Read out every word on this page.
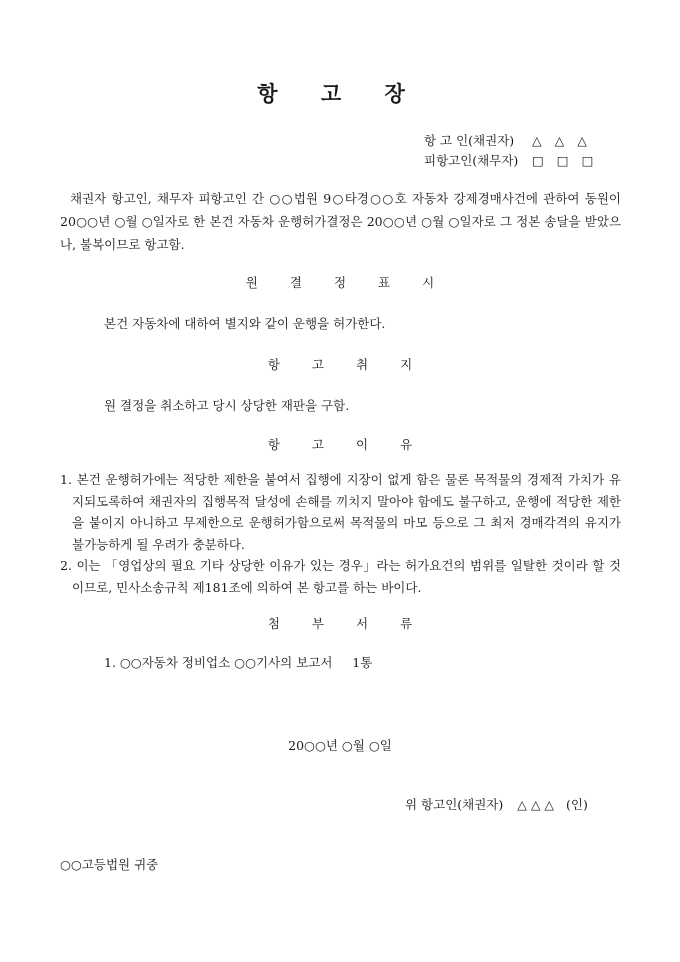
항 고 장
항 고 인(채권자)	△△△
피항고인(채무자)	□□□
채권자 항고인, 채무자 피항고인 간 ○○법원 9○타경○○호 자동차 강제경매사건에 관하여 동원이 20○○년 ○월 ○일자로 한 본건 자동차 운행허가결정은 20○○년 ○월 ○일자로 그 정본 송달을 받았으나, 불복이므로 항고함.
원결정표시
본건 자동차에 대하여 별지와 같이 운행을 허가한다.
항고취지
원 결정을 취소하고 당시 상당한 재판을 구함.
항고이유
1. 본건 운행허가에는 적당한 제한을 붙여서 집행에 지장이 없게 함은 물론 목적물의 경제적 가치가 유지되도록하여 채권자의 집행목적 달성에 손해를 끼치지 말아야 함에도 불구하고, 운행에 적당한 제한을 붙이지 아니하고 무제한으로 운행허가함으로써 목적물의 마모 등으로 그 최저 경매각격의 유지가 불가능하게 될 우려가 충분하다.
2. 이는 「영업상의 필요 기타 상당한 이유가 있는 경우」라는 허가요건의 범위를 일탈한 것이라 할 것이므로, 민사소송규칙 제181조에 의하여 본 항고를 하는 바이다.
첨부서류
1. ○○자동차 정비업소 ○○기사의 보고서     1통
20○○년 ○월 ○일
위 항고인(채권자) △ △ △ (인)
○○고등법원 귀중
